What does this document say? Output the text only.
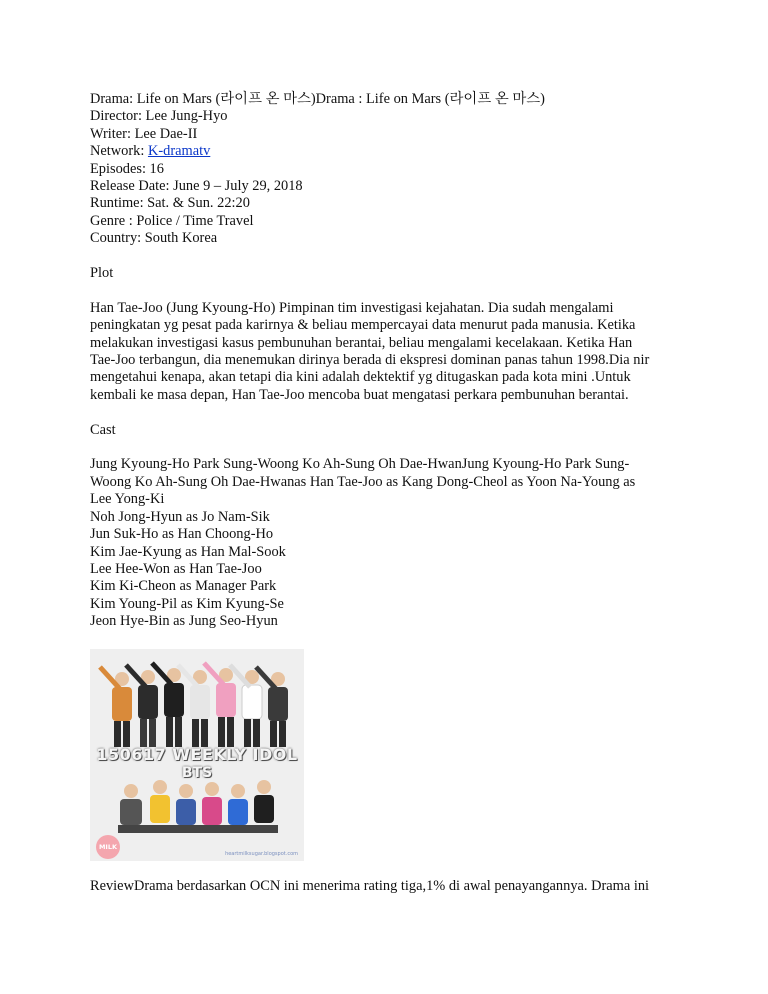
Drama: Life on Mars (라이프 온 마스)Drama : Life on Mars (라이프 온 마스)
Director: Lee Jung-Hyo
Writer: Lee Dae-II
Network: K-dramatv
Episodes: 16
Release Date: June 9 – July 29, 2018
Runtime: Sat. & Sun. 22:20
Genre : Police / Time Travel
Country: South Korea
Plot
Han Tae-Joo (Jung Kyoung-Ho) Pimpinan tim investigasi kejahatan. Dia sudah mengalami
peningkatan yg pesat pada karirnya & beliau mempercayai data menurut pada manusia. Ketika
melakukan investigasi kasus pembunuhan berantai, beliau mengalami kecelakaan. Ketika Han
Tae-Joo terbangun, dia menemukan dirinya berada di ekspresi dominan panas tahun 1998.Dia nir
mengetahui kenapa, akan tetapi dia kini adalah dektektif yg ditugaskan pada kota mini .Untuk
kembali ke masa depan, Han Tae-Joo mencoba buat mengatasi perkara pembunuhan berantai.
Cast
Jung Kyoung-Ho Park Sung-Woong Ko Ah-Sung Oh Dae-HwanJung Kyoung-Ho Park Sung-
Woong Ko Ah-Sung Oh Dae-Hwanas Han Tae-Joo as Kang Dong-Cheol as Yoon Na-Young as
Lee Yong-Ki
Noh Jong-Hyun as Jo Nam-Sik
Jun Suk-Ho as Han Choong-Ho
Kim Jae-Kyung as Han Mal-Sook
Lee Hee-Won as Han Tae-Joo
Kim Ki-Cheon as Manager Park
Kim Young-Pil as Kim Kyung-Se
Jeon Hye-Bin as Jung Seo-Hyun
150617 WEEKLY IDOL
BTS
MILK
heartmilksugar.blogspot.com
ReviewDrama berdasarkan OCN ini menerima rating tiga,1% di awal penayangannya. Drama ini
